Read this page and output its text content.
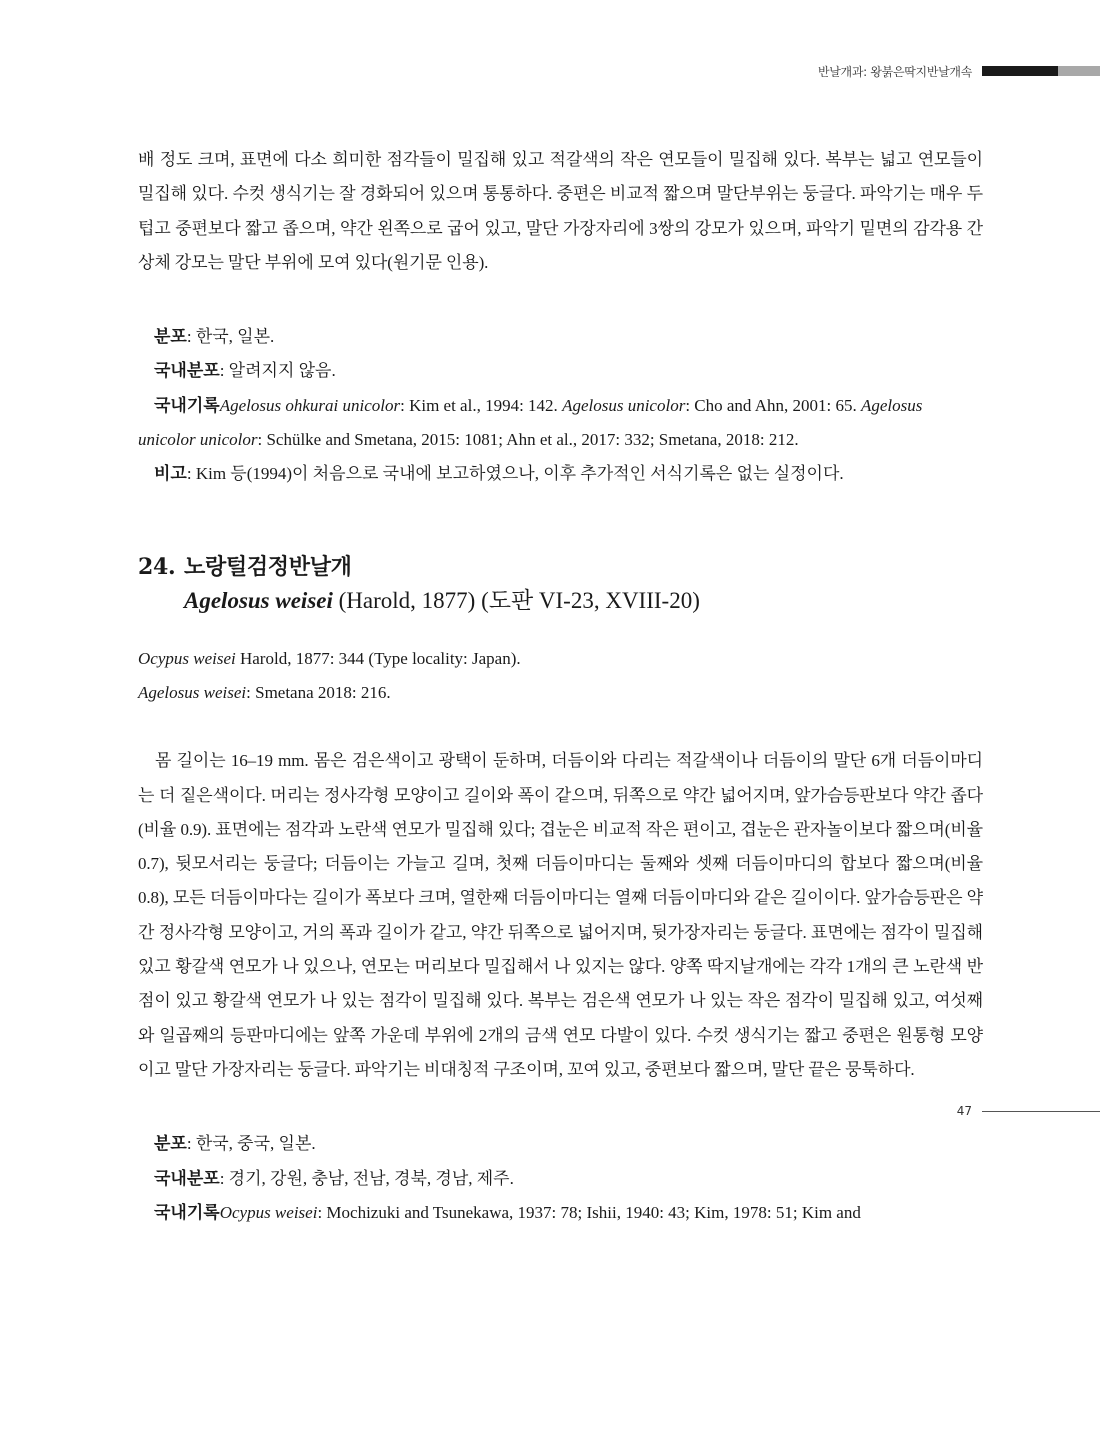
반날개과: 왕붉은딱지반날개속

배 정도 크며, 표면에 다소 희미한 점각들이 밀집해 있고 적갈색의 작은 연모들이 밀집해 있다. 복부는 넓고 연모들이 밀집해 있다. 수컷 생식기는 잘 경화되어 있으며 통통하다. 중편은 비교적 짧으며 말단부위는 둥글다. 파악기는 매우 두텁고 중편보다 짧고 좁으며, 약간 왼쪽으로 굽어 있고, 말단 가장자리에 3쌍의 강모가 있으며, 파악기 밑면의 감각용 간상체 강모는 말단 부위에 모여 있다(원기문 인용).

분포: 한국, 일본.

국내분포: 알려지지 않음.

국내기록Agelosus ohkurai unicolor: Kim et al., 1994: 142. Agelosus unicolor: Cho and Ahn, 2001: 65. Agelosus unicolor unicolor: Schülke and Smetana, 2015: 1081; Ahn et al., 2017: 332; Smetana, 2018: 212.

비고: Kim 등(1994)이 처음으로 국내에 보고하였으나, 이후 추가적인 서식기록은 없는 실정이다.

24. 노랑털검정반날개
Agelosus weisei (Harold, 1877) (도판 VI-23, XVIII-20)

Ocypus weisei Harold, 1877: 344 (Type locality: Japan).

Agelosus weisei: Smetana 2018: 216.

몸 길이는 16–19 mm. 몸은 검은색이고 광택이 둔하며, 더듬이와 다리는 적갈색이나 더듬이의 말단 6개 더듬이마디는 더 짙은색이다. 머리는 정사각형 모양이고 길이와 폭이 같으며, 뒤쪽으로 약간 넓어지며, 앞가슴등판보다 약간 좁다(비율 0.9). 표면에는 점각과 노란색 연모가 밀집해 있다; 겹눈은 비교적 작은 편이고, 겹눈은 관자놀이보다 짧으며(비율 0.7), 뒷모서리는 둥글다; 더듬이는 가늘고 길며, 첫째 더듬이마디는 둘째와 셋째 더듬이마디의 합보다 짧으며(비율 0.8), 모든 더듬이마다는 길이가 폭보다 크며, 열한째 더듬이마디는 열째 더듬이마디와 같은 길이이다. 앞가슴등판은 약간 정사각형 모양이고, 거의 폭과 길이가 같고, 약간 뒤쪽으로 넓어지며, 뒷가장자리는 둥글다. 표면에는 점각이 밀집해 있고 황갈색 연모가 나 있으나, 연모는 머리보다 밀집해서 나 있지는 않다. 양쪽 딱지날개에는 각각 1개의 큰 노란색 반점이 있고 황갈색 연모가 나 있는 점각이 밀집해 있다. 복부는 검은색 연모가 나 있는 작은 점각이 밀집해 있고, 여섯째와 일곱째의 등판마디에는 앞쪽 가운데 부위에 2개의 금색 연모 다발이 있다. 수컷 생식기는 짧고 중편은 원통형 모양이고 말단 가장자리는 둥글다. 파악기는 비대칭적 구조이며, 꼬여 있고, 중편보다 짧으며, 말단 끝은 뭉툭하다.

분포: 한국, 중국, 일본.

국내분포: 경기, 강원, 충남, 전남, 경북, 경남, 제주.

국내기록Ocypus weisei: Mochizuki and Tsunekawa, 1937: 78; Ishii, 1940: 43; Kim, 1978: 51; Kim and

47
